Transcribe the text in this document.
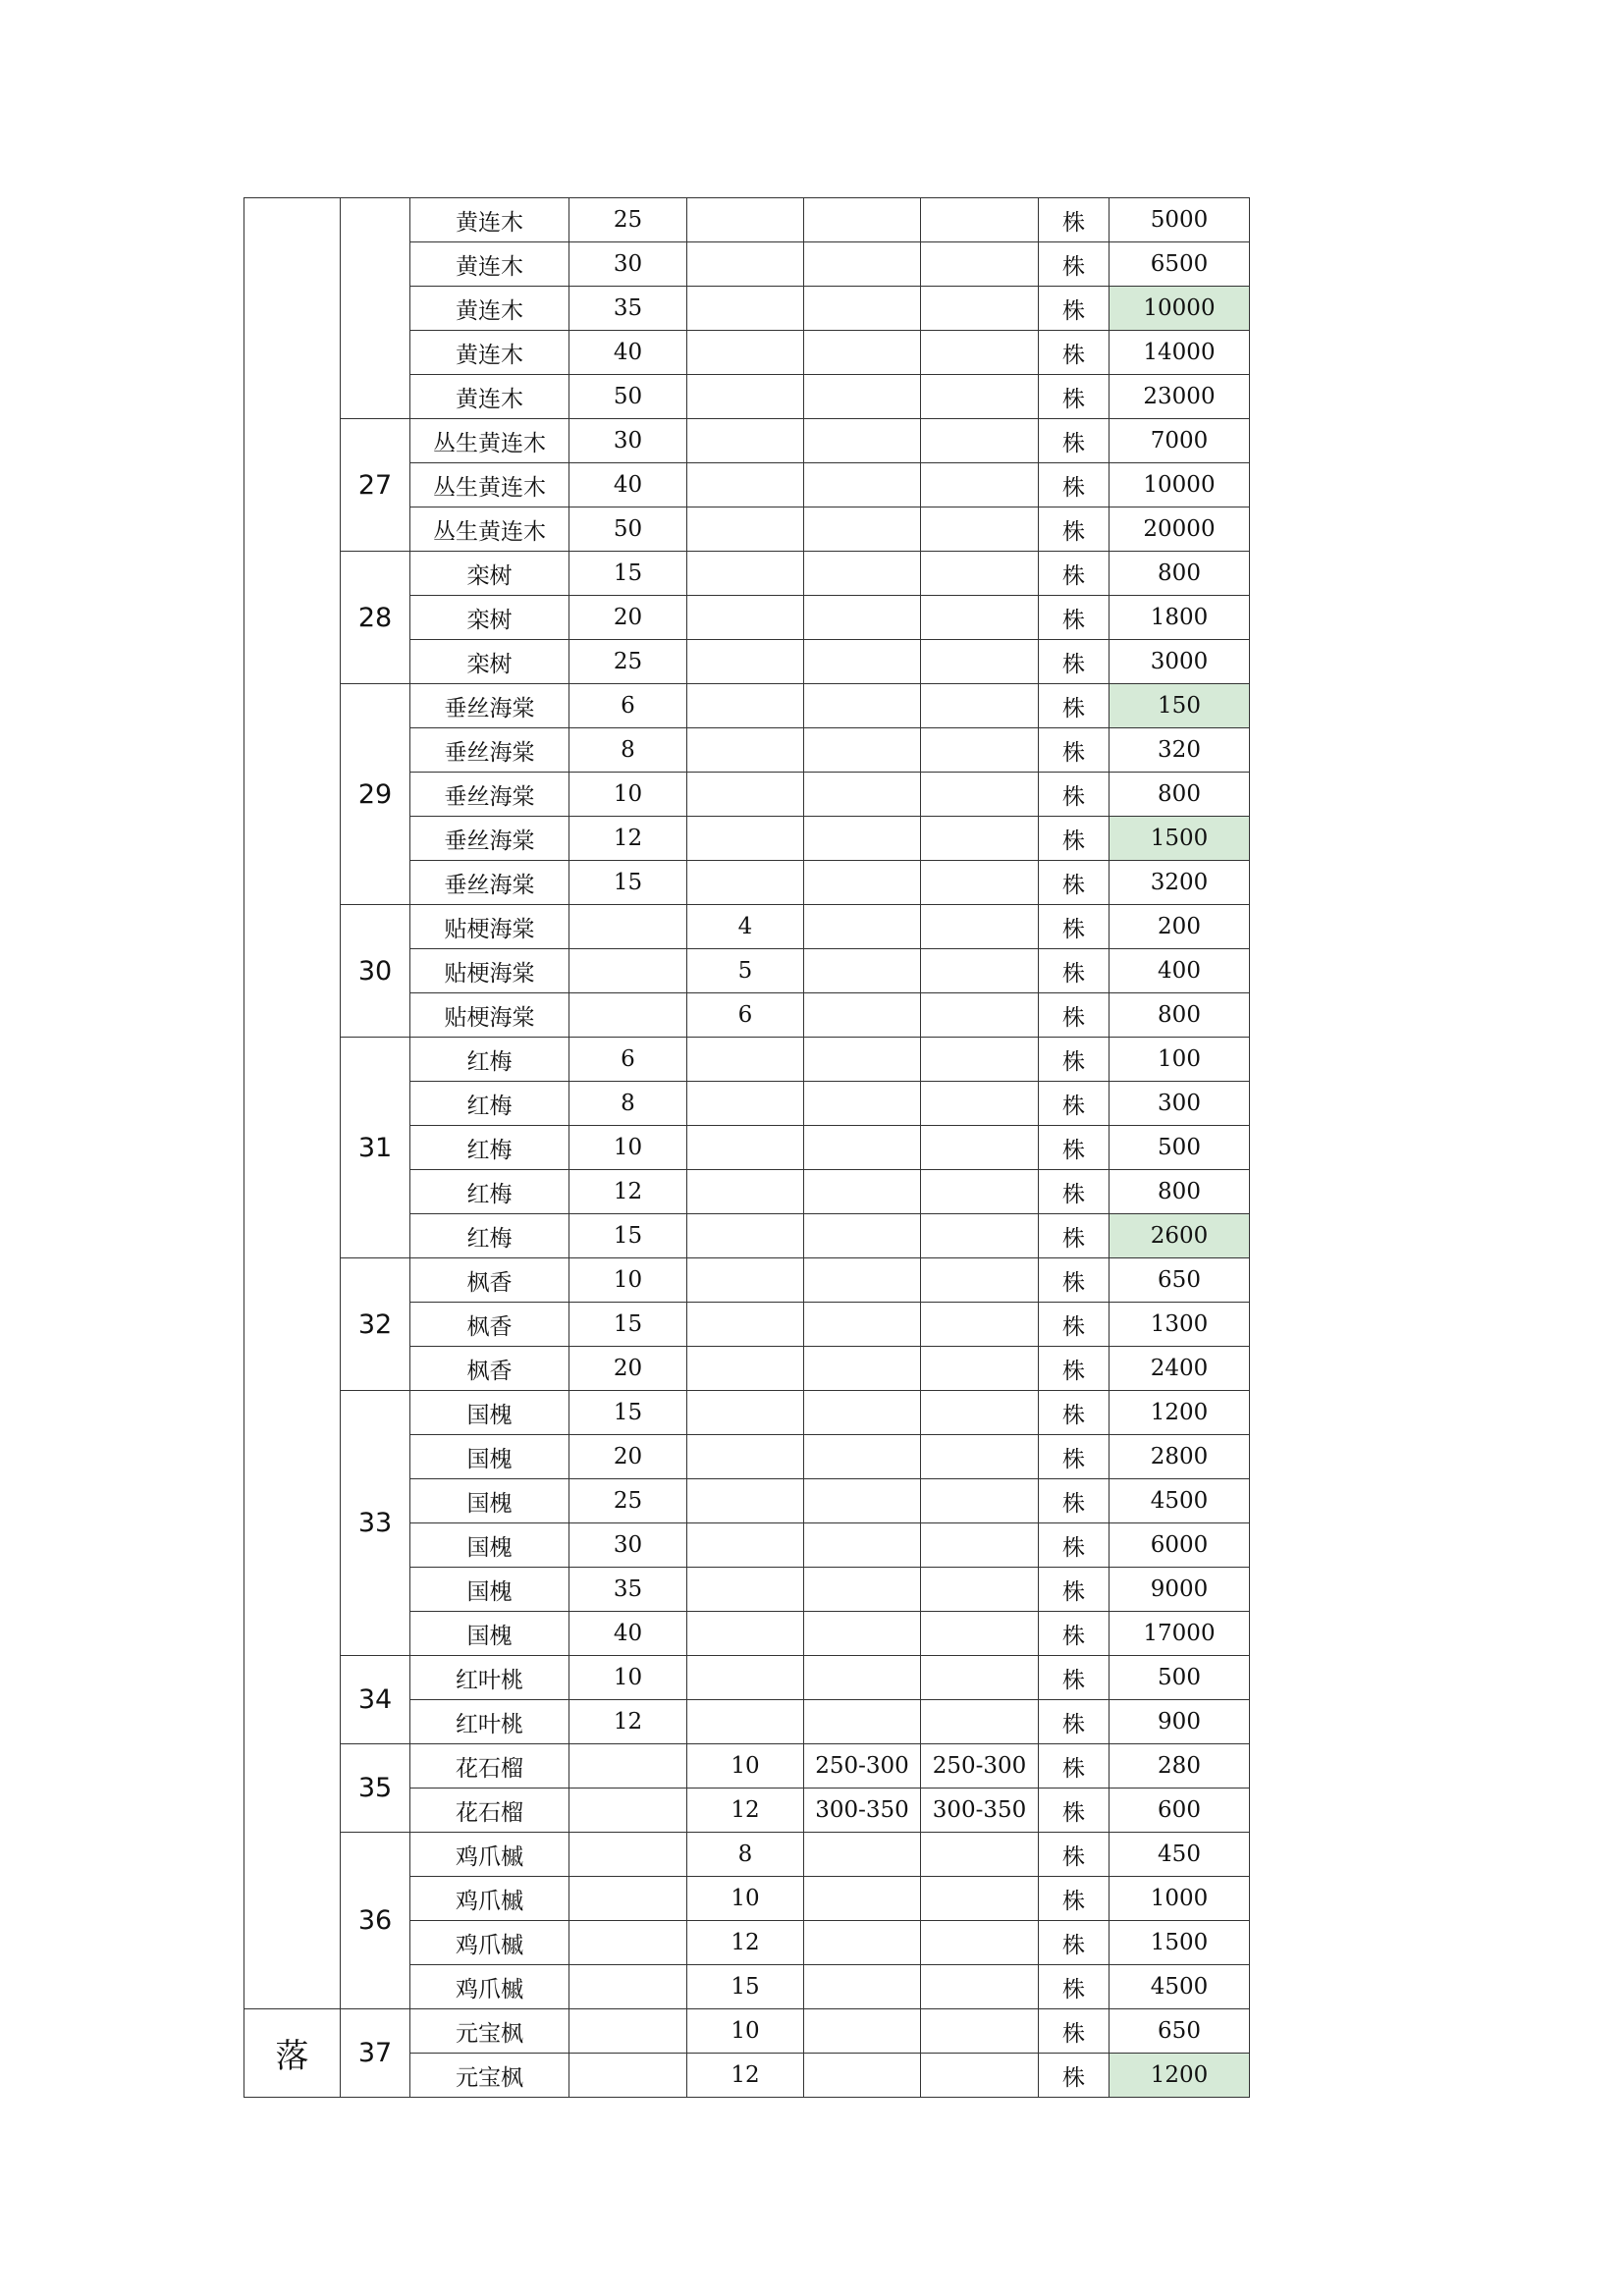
		黄连木	25				株	5000
		黄连木	30				株	6500
		黄连木	35				株	10000
		黄连木	40				株	14000
		黄连木	50				株	23000
	27	丛生黄连木	30				株	7000
		丛生黄连木	40				株	10000
		丛生黄连木	50				株	20000
	28	栾树	15				株	800
		栾树	20				株	1800
		栾树	25				株	3000
	29	垂丝海棠	6				株	150
		垂丝海棠	8				株	320
		垂丝海棠	10				株	800
		垂丝海棠	12				株	1500
		垂丝海棠	15				株	3200
	30	贴梗海棠		4			株	200
		贴梗海棠		5			株	400
		贴梗海棠		6			株	800
	31	红梅	6				株	100
		红梅	8				株	300
		红梅	10				株	500
		红梅	12				株	800
		红梅	15				株	2600
	32	枫香	10				株	650
		枫香	15				株	1300
		枫香	20				株	2400
	33	国槐	15				株	1200
		国槐	20				株	2800
		国槐	25				株	4500
		国槐	30				株	6000
		国槐	35				株	9000
		国槐	40				株	17000
	34	红叶桃	10				株	500
		红叶桃	12				株	900
	35	花石榴		10	250-300	250-300	株	280
		花石榴		12	300-350	300-350	株	600
	36	鸡爪槭		8			株	450
		鸡爪槭		10			株	1000
		鸡爪槭		12			株	1500
		鸡爪槭		15			株	4500
落	37	元宝枫		10			株	650
		元宝枫		12			株	1200
